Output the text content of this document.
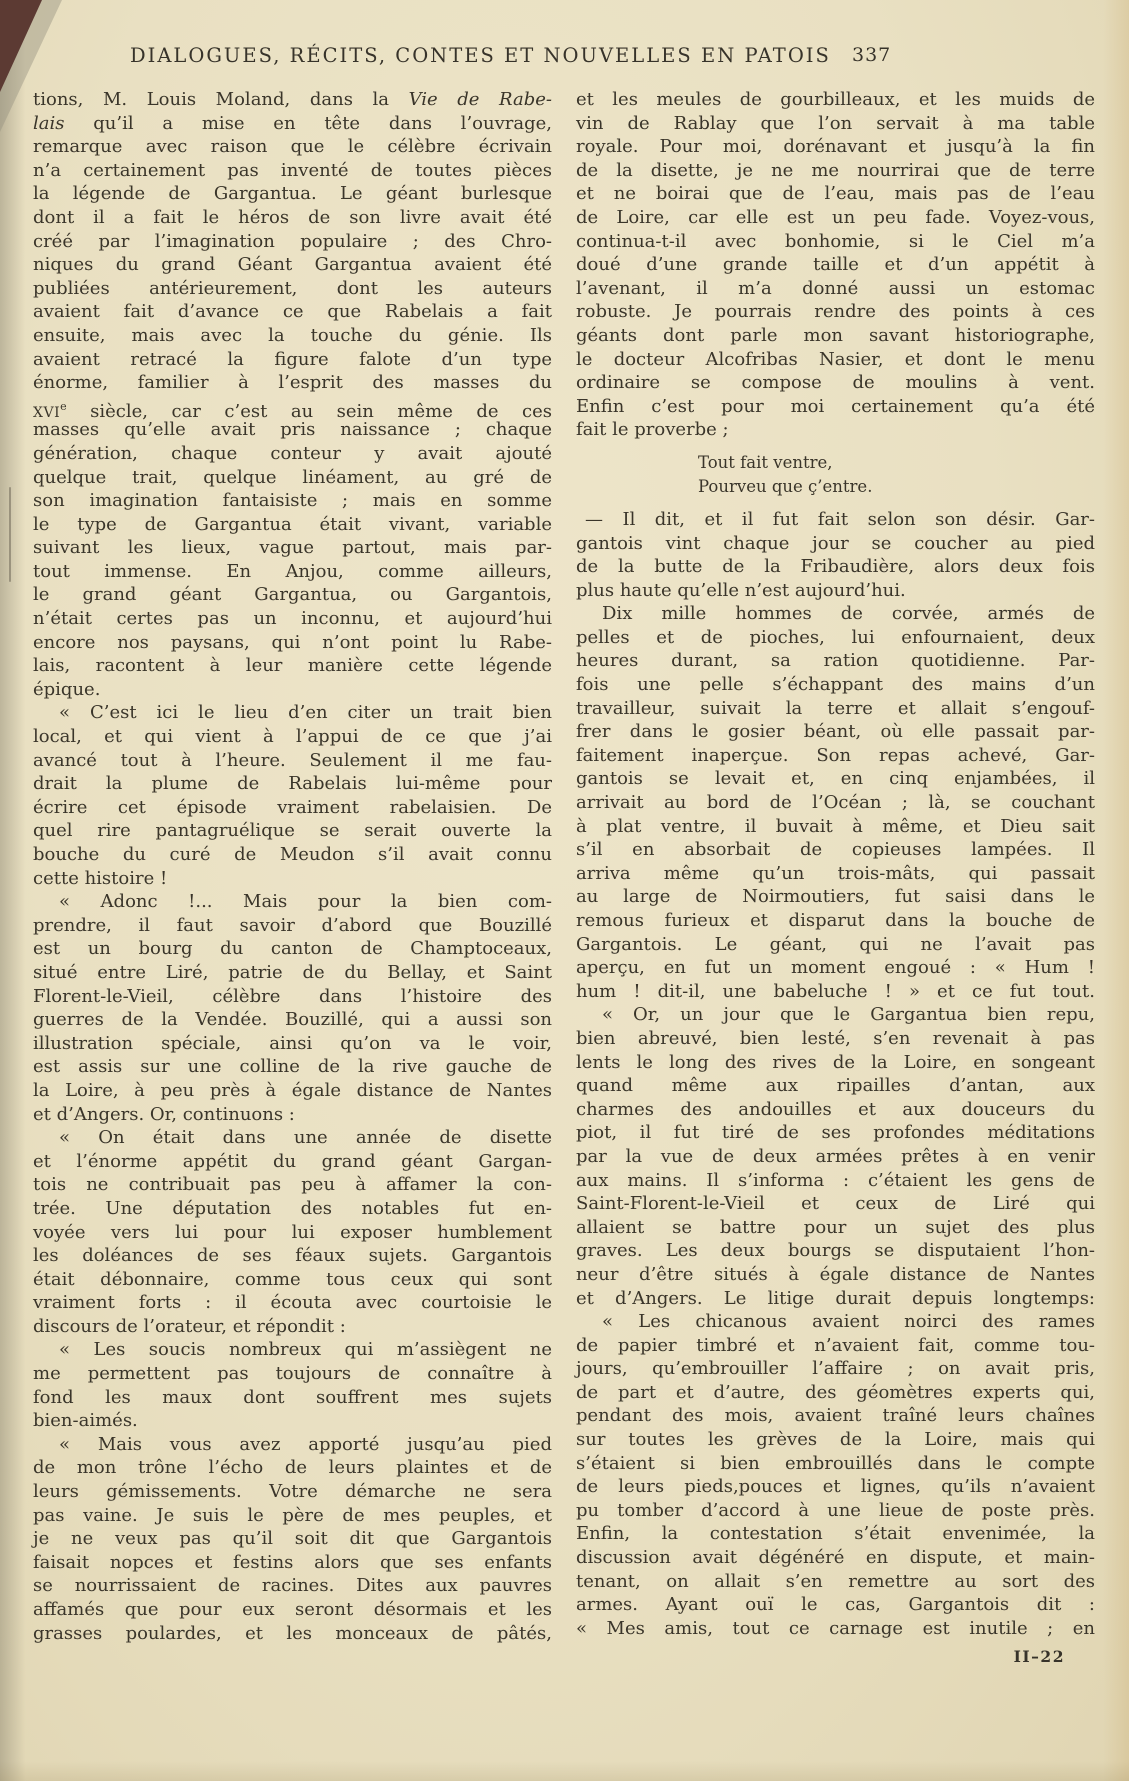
DIALOGUES, RÉCITS, CONTES ET NOUVELLES EN PATOIS 337
tions, M. Louis Moland, dans la Vie de Rabe-
lais qu’il a mise en tête dans l’ouvrage,
remarque avec raison que le célèbre écrivain
n’a certainement pas inventé de toutes pièces
la légende de Gargantua. Le géant burlesque
dont il a fait le héros de son livre avait été
créé par l’imagination populaire ; des Chro-
niques du grand Géant Gargantua avaient été
publiées antérieurement, dont les auteurs
avaient fait d’avance ce que Rabelais a fait
ensuite, mais avec la touche du génie. Ils
avaient retracé la figure falote d’un type
énorme, familier à l’esprit des masses du
XVIe siècle, car c’est au sein même de ces
masses qu’elle avait pris naissance ; chaque
génération, chaque conteur y avait ajouté
quelque trait, quelque linéament, au gré de
son imagination fantaisiste ; mais en somme
le type de Gargantua était vivant, variable
suivant les lieux, vague partout, mais par-
tout immense. En Anjou, comme ailleurs,
le grand géant Gargantua, ou Gargantois,
n’était certes pas un inconnu, et aujourd’hui
encore nos paysans, qui n’ont point lu Rabe-
lais, racontent à leur manière cette légende
épique.
« C’est ici le lieu d’en citer un trait bien
local, et qui vient à l’appui de ce que j’ai
avancé tout à l’heure. Seulement il me fau-
drait la plume de Rabelais lui-même pour
écrire cet épisode vraiment rabelaisien. De
quel rire pantagruélique se serait ouverte la
bouche du curé de Meudon s’il avait connu
cette histoire !
« Adonc !... Mais pour la bien com-
prendre, il faut savoir d’abord que Bouzillé
est un bourg du canton de Champtoceaux,
situé entre Liré, patrie de du Bellay, et Saint
Florent-le-Vieil, célèbre dans l’histoire des
guerres de la Vendée. Bouzillé, qui a aussi son
illustration spéciale, ainsi qu’on va le voir,
est assis sur une colline de la rive gauche de
la Loire, à peu près à égale distance de Nantes
et d’Angers. Or, continuons :
« On était dans une année de disette
et l’énorme appétit du grand géant Gargan-
tois ne contribuait pas peu à affamer la con-
trée. Une députation des notables fut en-
voyée vers lui pour lui exposer humblement
les doléances de ses féaux sujets. Gargantois
était débonnaire, comme tous ceux qui sont
vraiment forts : il écouta avec courtoisie le
discours de l’orateur, et répondit :
« Les soucis nombreux qui m’assiègent ne
me permettent pas toujours de connaître à
fond les maux dont souffrent mes sujets
bien-aimés.
« Mais vous avez apporté jusqu’au pied
de mon trône l’écho de leurs plaintes et de
leurs gémissements. Votre démarche ne sera
pas vaine. Je suis le père de mes peuples, et
je ne veux pas qu’il soit dit que Gargantois
faisait nopces et festins alors que ses enfants
se nourrissaient de racines. Dites aux pauvres
affamés que pour eux seront désormais et les
grasses poulardes, et les monceaux de pâtés,
et les meules de gourbilleaux, et les muids de
vin de Rablay que l’on servait à ma table
royale. Pour moi, dorénavant et jusqu’à la fin
de la disette, je ne me nourrirai que de terre
et ne boirai que de l’eau, mais pas de l’eau
de Loire, car elle est un peu fade. Voyez-vous,
continua-t-il avec bonhomie, si le Ciel m’a
doué d’une grande taille et d’un appétit à
l’avenant, il m’a donné aussi un estomac
robuste. Je pourrais rendre des points à ces
géants dont parle mon savant historiographe,
le docteur Alcofribas Nasier, et dont le menu
ordinaire se compose de moulins à vent.
Enfin c’est pour moi certainement qu’a été
fait le proverbe ;
Tout fait ventre,
Pourveu que ç’entre.
— Il dit, et il fut fait selon son désir. Gar-
gantois vint chaque jour se coucher au pied
de la butte de la Fribaudière, alors deux fois
plus haute qu’elle n’est aujourd’hui.
Dix mille hommes de corvée, armés de
pelles et de pioches, lui enfournaient, deux
heures durant, sa ration quotidienne. Par-
fois une pelle s’échappant des mains d’un
travailleur, suivait la terre et allait s’engouf-
frer dans le gosier béant, où elle passait par-
faitement inaperçue. Son repas achevé, Gar-
gantois se levait et, en cinq enjambées, il
arrivait au bord de l’Océan ; là, se couchant
à plat ventre, il buvait à même, et Dieu sait
s’il en absorbait de copieuses lampées. Il
arriva même qu’un trois-mâts, qui passait
au large de Noirmoutiers, fut saisi dans le
remous furieux et disparut dans la bouche de
Gargantois. Le géant, qui ne l’avait pas
aperçu, en fut un moment engoué : « Hum !
hum ! dit-il, une babeluche ! » et ce fut tout.
« Or, un jour que le Gargantua bien repu,
bien abreuvé, bien lesté, s’en revenait à pas
lents le long des rives de la Loire, en songeant
quand même aux ripailles d’antan, aux
charmes des andouilles et aux douceurs du
piot, il fut tiré de ses profondes méditations
par la vue de deux armées prêtes à en venir
aux mains. Il s’informa : c’étaient les gens de
Saint-Florent-le-Vieil et ceux de Liré qui
allaient se battre pour un sujet des plus
graves. Les deux bourgs se disputaient l’hon-
neur d’être situés à égale distance de Nantes
et d’Angers. Le litige durait depuis longtemps:
« Les chicanous avaient noirci des rames
de papier timbré et n’avaient fait, comme tou-
jours, qu’embrouiller l’affaire ; on avait pris,
de part et d’autre, des géomètres experts qui,
pendant des mois, avaient traîné leurs chaînes
sur toutes les grèves de la Loire, mais qui
s’étaient si bien embrouillés dans le compte
de leurs pieds,pouces et lignes, qu’ils n’avaient
pu tomber d’accord à une lieue de poste près.
Enfin, la contestation s’était envenimée, la
discussion avait dégénéré en dispute, et main-
tenant, on allait s’en remettre au sort des
armes. Ayant ouï le cas, Gargantois dit :
« Mes amis, tout ce carnage est inutile ; en
II–22
